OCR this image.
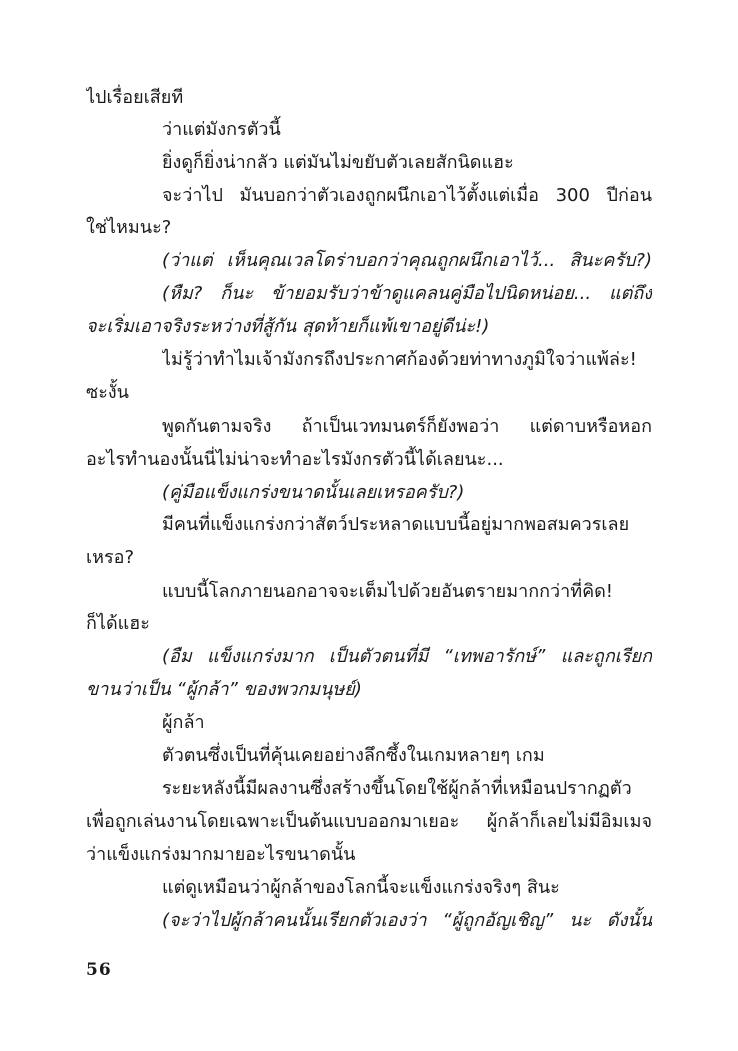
ไปเรื่อยเสียที
ว่าแต่มังกรตัวนี้
ยิ่งดูก็ยิ่งน่ากลัว แต่มันไม่ขยับตัวเลยสักนิดแฮะ
จะว่าไป มันบอกว่าตัวเองถูกผนึกเอาไว้ตั้งแต่เมื่อ 300 ปีก่อน
ใช่ไหมนะ?
(ว่าแต่ เห็นคุณเวลโดร่าบอกว่าคุณถูกผนึกเอาไว้... สินะครับ?)
(หืม? ก็นะ ข้ายอมรับว่าข้าดูแคลนคู่มือไปนิดหน่อย... แต่ถึง
จะเริ่มเอาจริงระหว่างที่สู้กัน สุดท้ายก็แพ้เขาอยู่ดีน่ะ!)
ไม่รู้ว่าทำไมเจ้ามังกรถึงประกาศก้องด้วยท่าทางภูมิใจว่าแพ้ล่ะ!
ซะงั้น
พูดกันตามจริง ถ้าเป็นเวทมนตร์ก็ยังพอว่า แต่ดาบหรือหอก
อะไรทำนองนั้นนี่ไม่น่าจะทำอะไรมังกรตัวนี้ได้เลยนะ...
(คู่มือแข็งแกร่งขนาดนั้นเลยเหรอครับ?)
มีคนที่แข็งแกร่งกว่าสัตว์ประหลาดแบบนี้อยู่มากพอสมควรเลย
เหรอ?
แบบนี้โลกภายนอกอาจจะเต็มไปด้วยอันตรายมากกว่าที่คิด!
ก็ได้แฮะ
(อืม แข็งแกร่งมาก เป็นตัวตนที่มี “เทพอารักษ์” และถูกเรียก
ขานว่าเป็น “ผู้กล้า” ของพวกมนุษย์)
ผู้กล้า
ตัวตนซึ่งเป็นที่คุ้นเคยอย่างลึกซึ้งในเกมหลายๆ เกม
ระยะหลังนี้มีผลงานซึ่งสร้างขึ้นโดยใช้ผู้กล้าที่เหมือนปรากฏตัว
เพื่อถูกเล่นงานโดยเฉพาะเป็นต้นแบบออกมาเยอะ ผู้กล้าก็เลยไม่มีอิมเมจ
ว่าแข็งแกร่งมากมายอะไรขนาดนั้น
แต่ดูเหมือนว่าผู้กล้าของโลกนี้จะแข็งแกร่งจริงๆ สินะ
(จะว่าไปผู้กล้าคนนั้นเรียกตัวเองว่า “ผู้ถูกอัญเชิญ” นะ ดังนั้น
56
